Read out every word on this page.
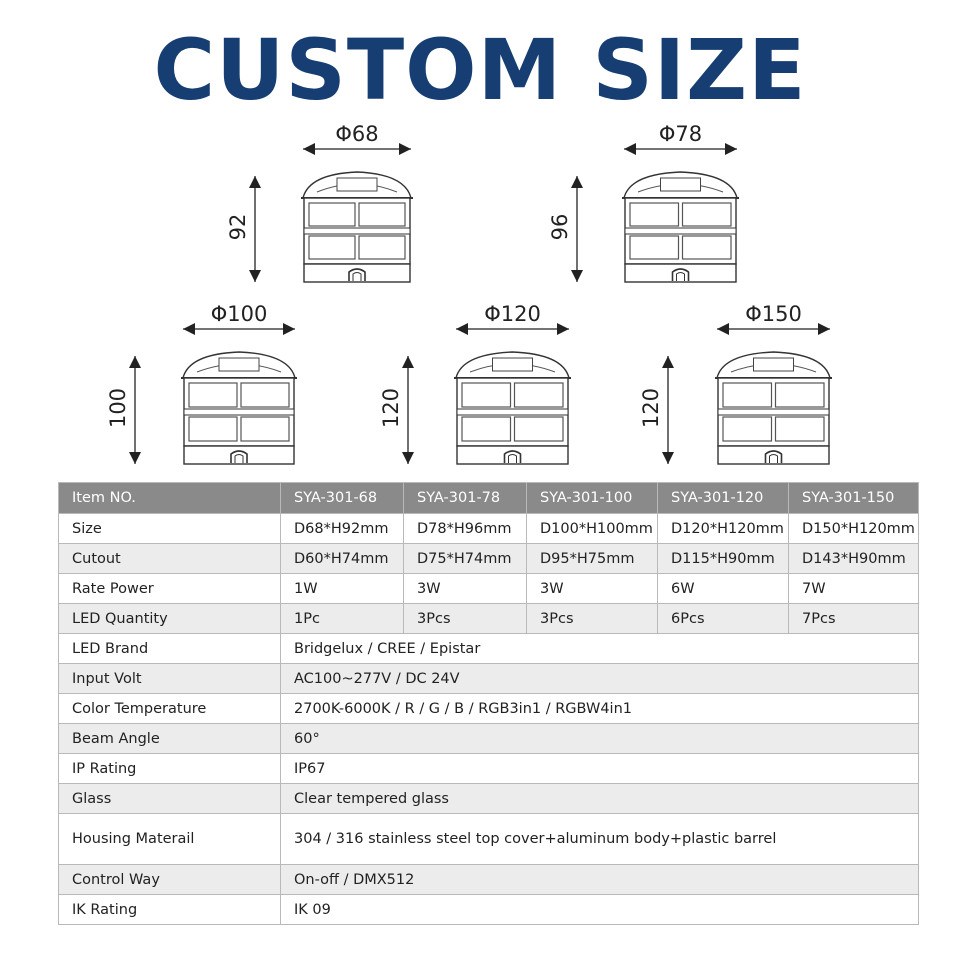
CUSTOM SIZE
Φ68
92
Φ78
96
Φ100
100
Φ120
120
Φ150
120
Item NO.	SYA-301-68	SYA-301-78	SYA-301-100	SYA-301-120	SYA-301-150
Size	D68*H92mm	D78*H96mm	D100*H100mm	D120*H120mm	D150*H120mm
Cutout	D60*H74mm	D75*H74mm	D95*H75mm	D115*H90mm	D143*H90mm
Rate Power	1W	3W	3W	6W	7W
LED Quantity	1Pc	3Pcs	3Pcs	6Pcs	7Pcs
LED Brand	Bridgelux / CREE / Epistar				
Input Volt	AC100~277V / DC 24V				
Color Temperature	2700K-6000K / R / G / B / RGB3in1 / RGBW4in1				
Beam Angle	60°				
IP Rating	IP67				
Glass	Clear tempered glass				
Housing Materail	304 / 316 stainless steel top cover+aluminum body+plastic barrel				
Control Way	On-off / DMX512				
IK Rating	IK 09				
